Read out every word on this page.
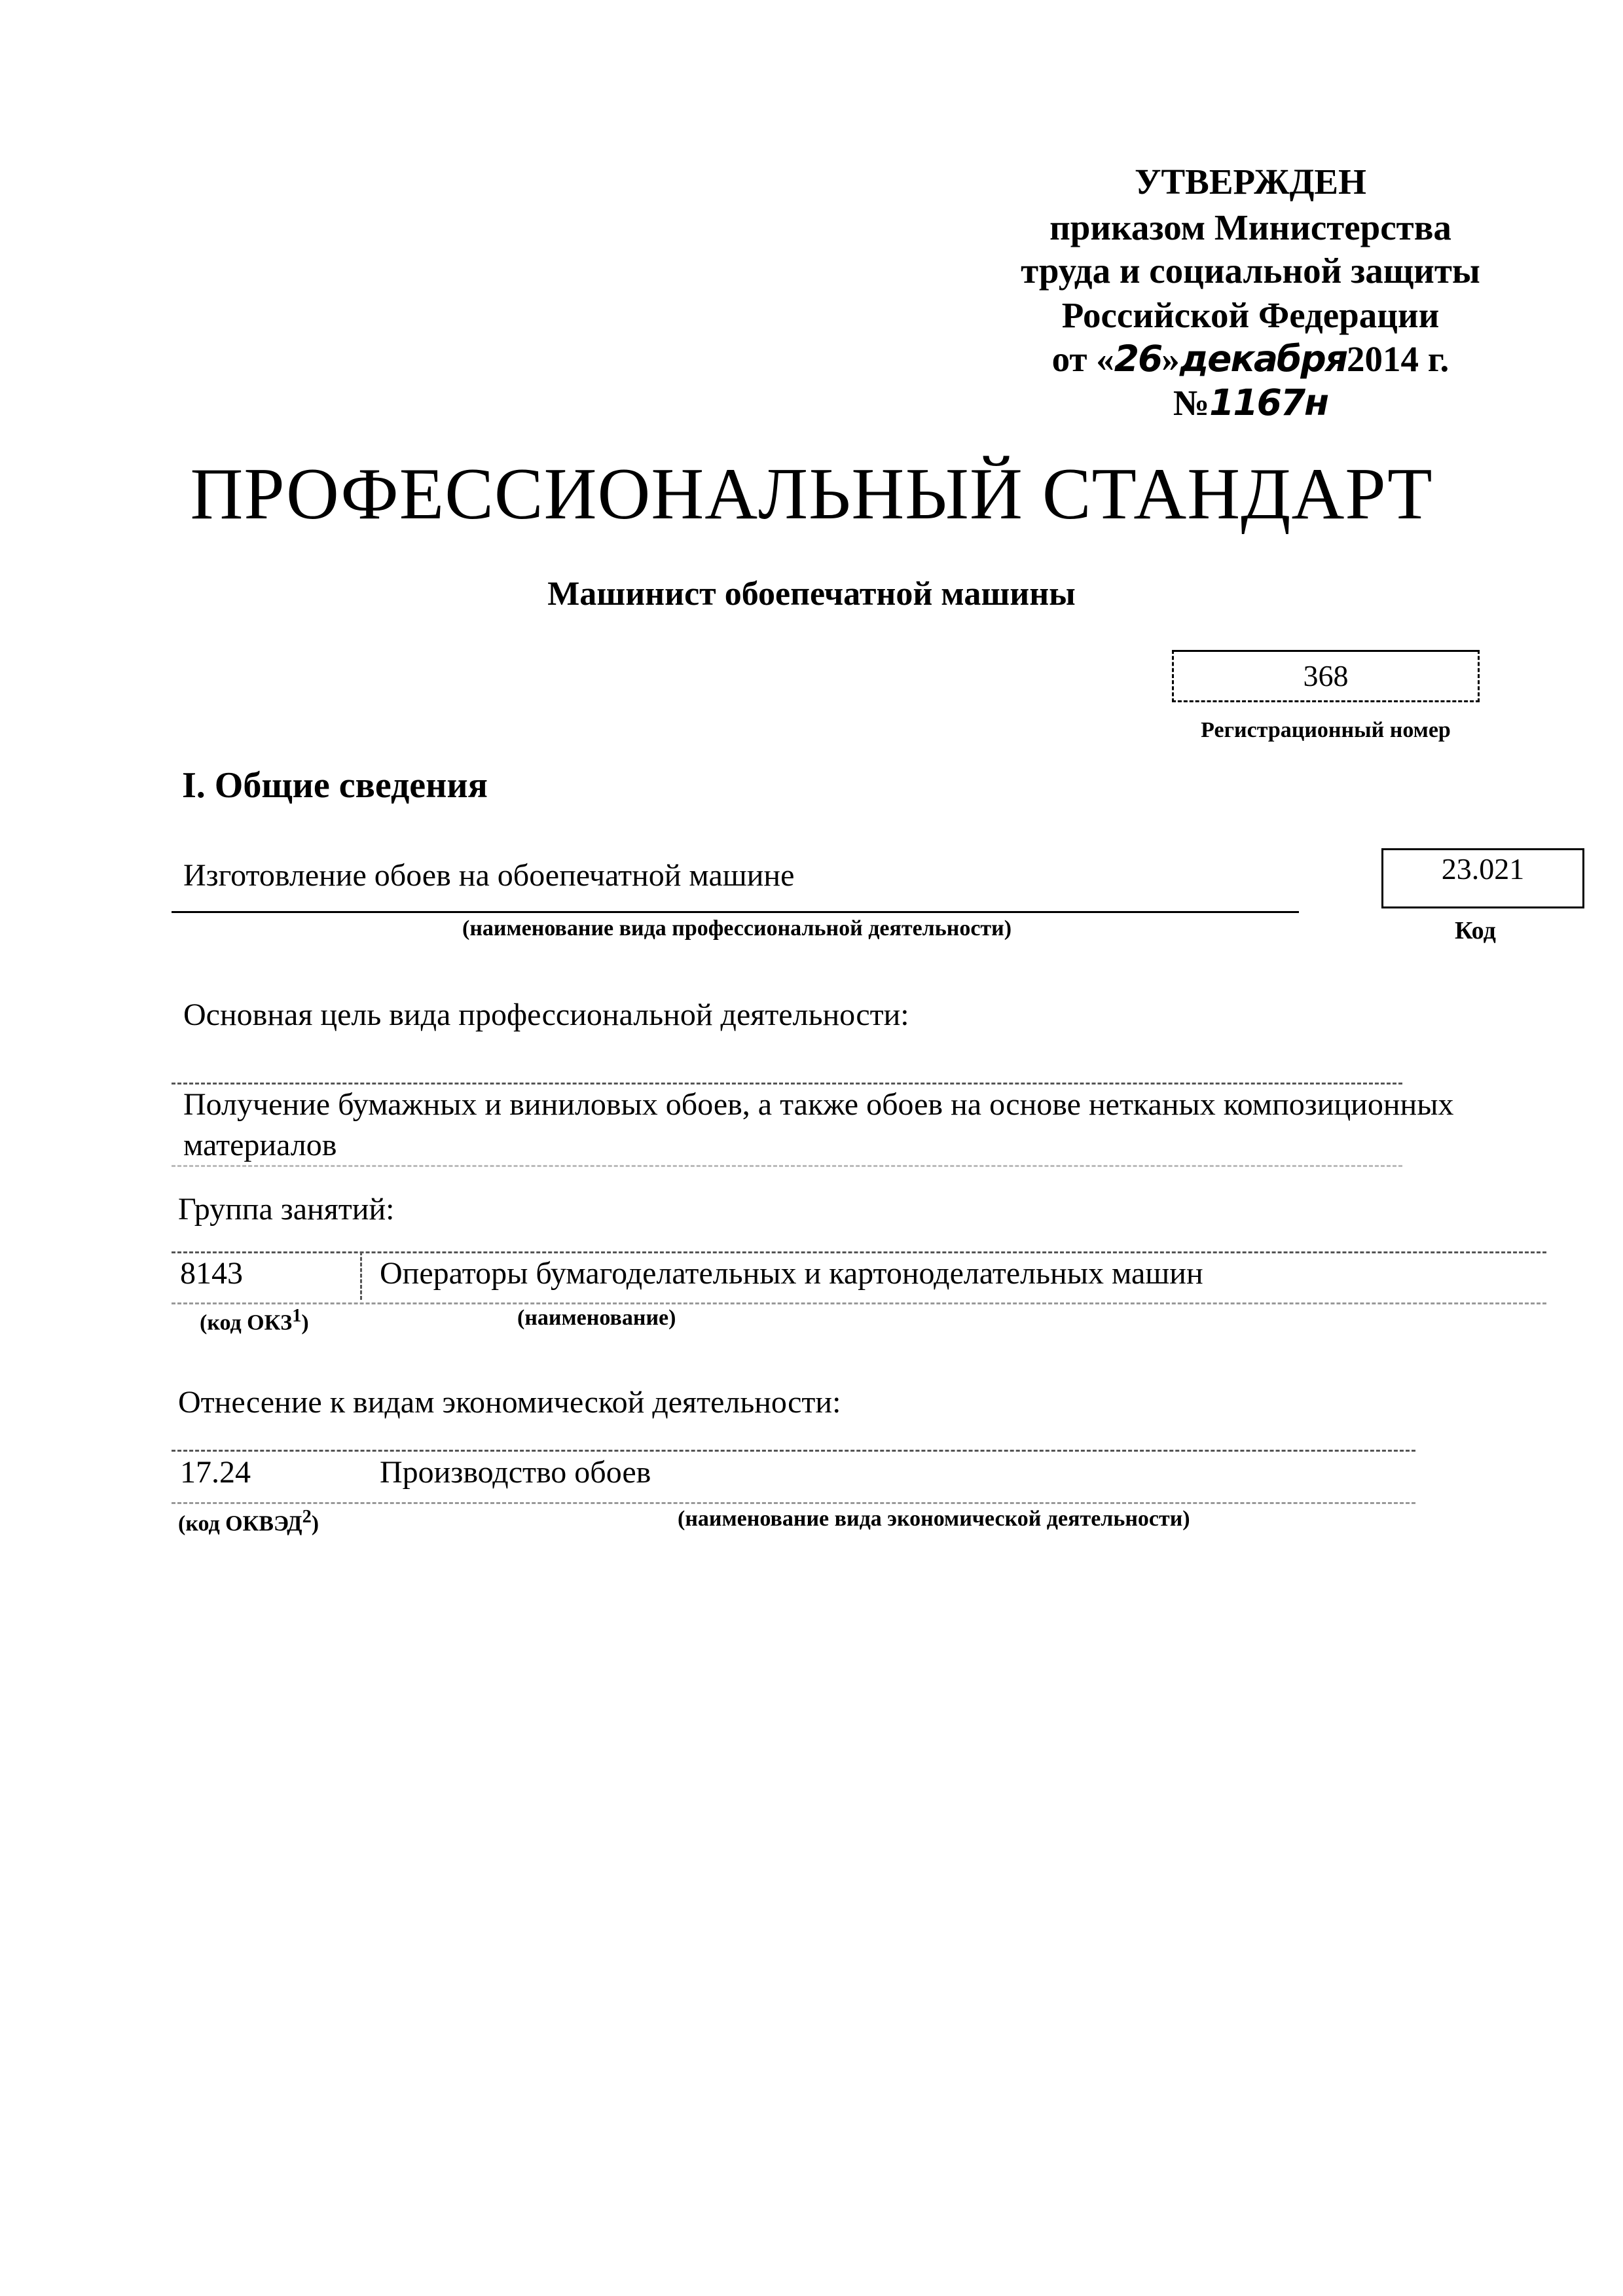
УТВЕРЖДЕН
приказом Министерства
труда и социальной защиты
Российской Федерации
от «26»декабря2014 г. №1167н
ПРОФЕССИОНАЛЬНЫЙ СТАНДАРТ
Машинист обоепечатной машины
368
Регистрационный номер
I. Общие сведения
Изготовление обоев на обоепечатной машине
(наименование вида профессиональной деятельности)
23.021
Код
Основная цель вида профессиональной деятельности:
Получение бумажных и виниловых обоев, а также обоев на основе нетканых композиционных
материалов
Группа занятий:
8143	Операторы бумагоделательных и картоноделательных машин
(код ОКЗ$^1$)	(наименование)
Отнесение к видам экономической деятельности:
17.24	Производство обоев
(код ОКВЭД$^2$)	(наименование вида экономической деятельности)
